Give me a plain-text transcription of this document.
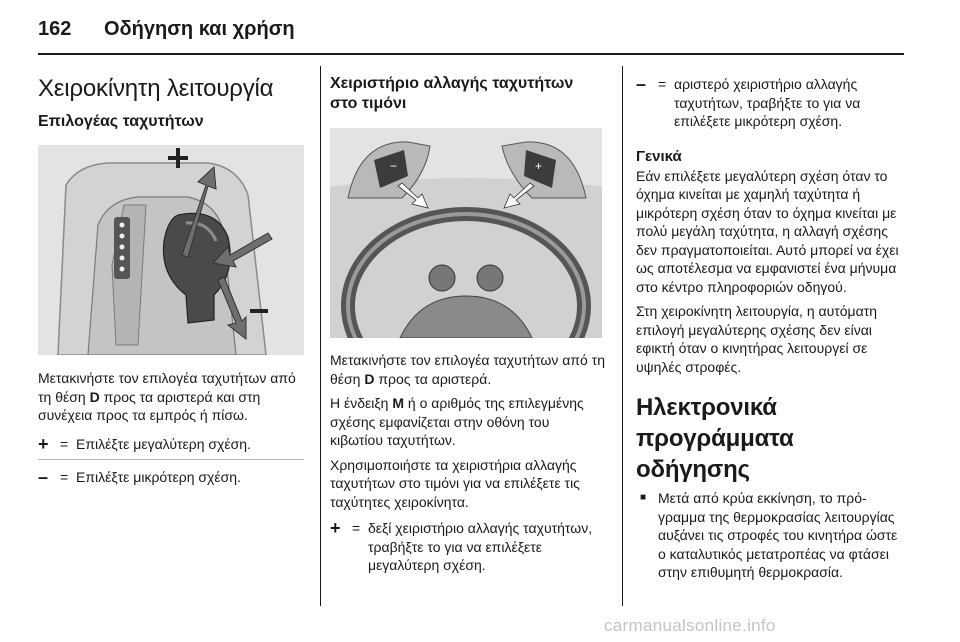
162 Οδήγηση και χρήση
Χειροκίνητη λειτουργία
Επιλογέας ταχυτήτων

Μετακινήστε τον επιλογέα ταχυτήτων από τη θέση D προς τα αριστερά και στη συνέχεια προς τα εμπρός ή πίσω.

+ = Επιλέξτε μεγαλύτερη σχέση.
– = Επιλέξτε μικρότερη σχέση.
Χειριστήριο αλλαγής ταχυτήτων στο τιμόνι
−	+

Μετακινήστε τον επιλογέα ταχυτήτων από τη θέση D προς τα αριστερά.

Η ένδειξη M ή ο αριθμός της επιλεγμένης σχέσης εμφανίζεται στην οθόνη του κιβωτίου ταχυτήτων.

Χρησιμοποιήστε τα χειριστήρια αλλαγής ταχυτήτων στο τιμόνι για να επιλέξετε τις ταχύτητες χειροκίνητα.

+ = δεξί χειριστήριο αλλαγής ταχυτήτων, τραβήξτε το για να επιλέξετε μεγαλύτερη σχέση.
– = αριστερό χειριστήριο αλλαγής ταχυτήτων, τραβήξτε το για να επιλέξετε μικρότερη σχέση.
Γενικά

Εάν επιλέξετε μεγαλύτερη σχέση όταν το όχημα κινείται με χαμηλή ταχύτητα ή μικρότερη σχέση όταν το όχημα κινείται με πολύ μεγάλη ταχύτητα, η αλλαγή σχέσης δεν πραγματοποιείται. Αυτό μπορεί να έχει ως αποτέλεσμα να εμφανιστεί ένα μήνυμα στο κέντρο πληροφοριών οδηγού.

Στη χειροκίνητη λειτουργία, η αυτόματη επιλογή μεγαλύτερης σχέσης δεν είναι εφικτή όταν ο κινητήρας λειτουργεί σε υψηλές στροφές.

Ηλεκτρονικά προγράμματα οδήγησης
■ Μετά από κρύα εκκίνηση, το πρόγραμμα της θερμοκρασίας λειτουργίας αυξάνει τις στροφές του κινητήρα ώστε ο καταλυτικός μετατροπέας να φτάσει στην επιθυμητή θερμοκρασία.
carmanualsonline.info
